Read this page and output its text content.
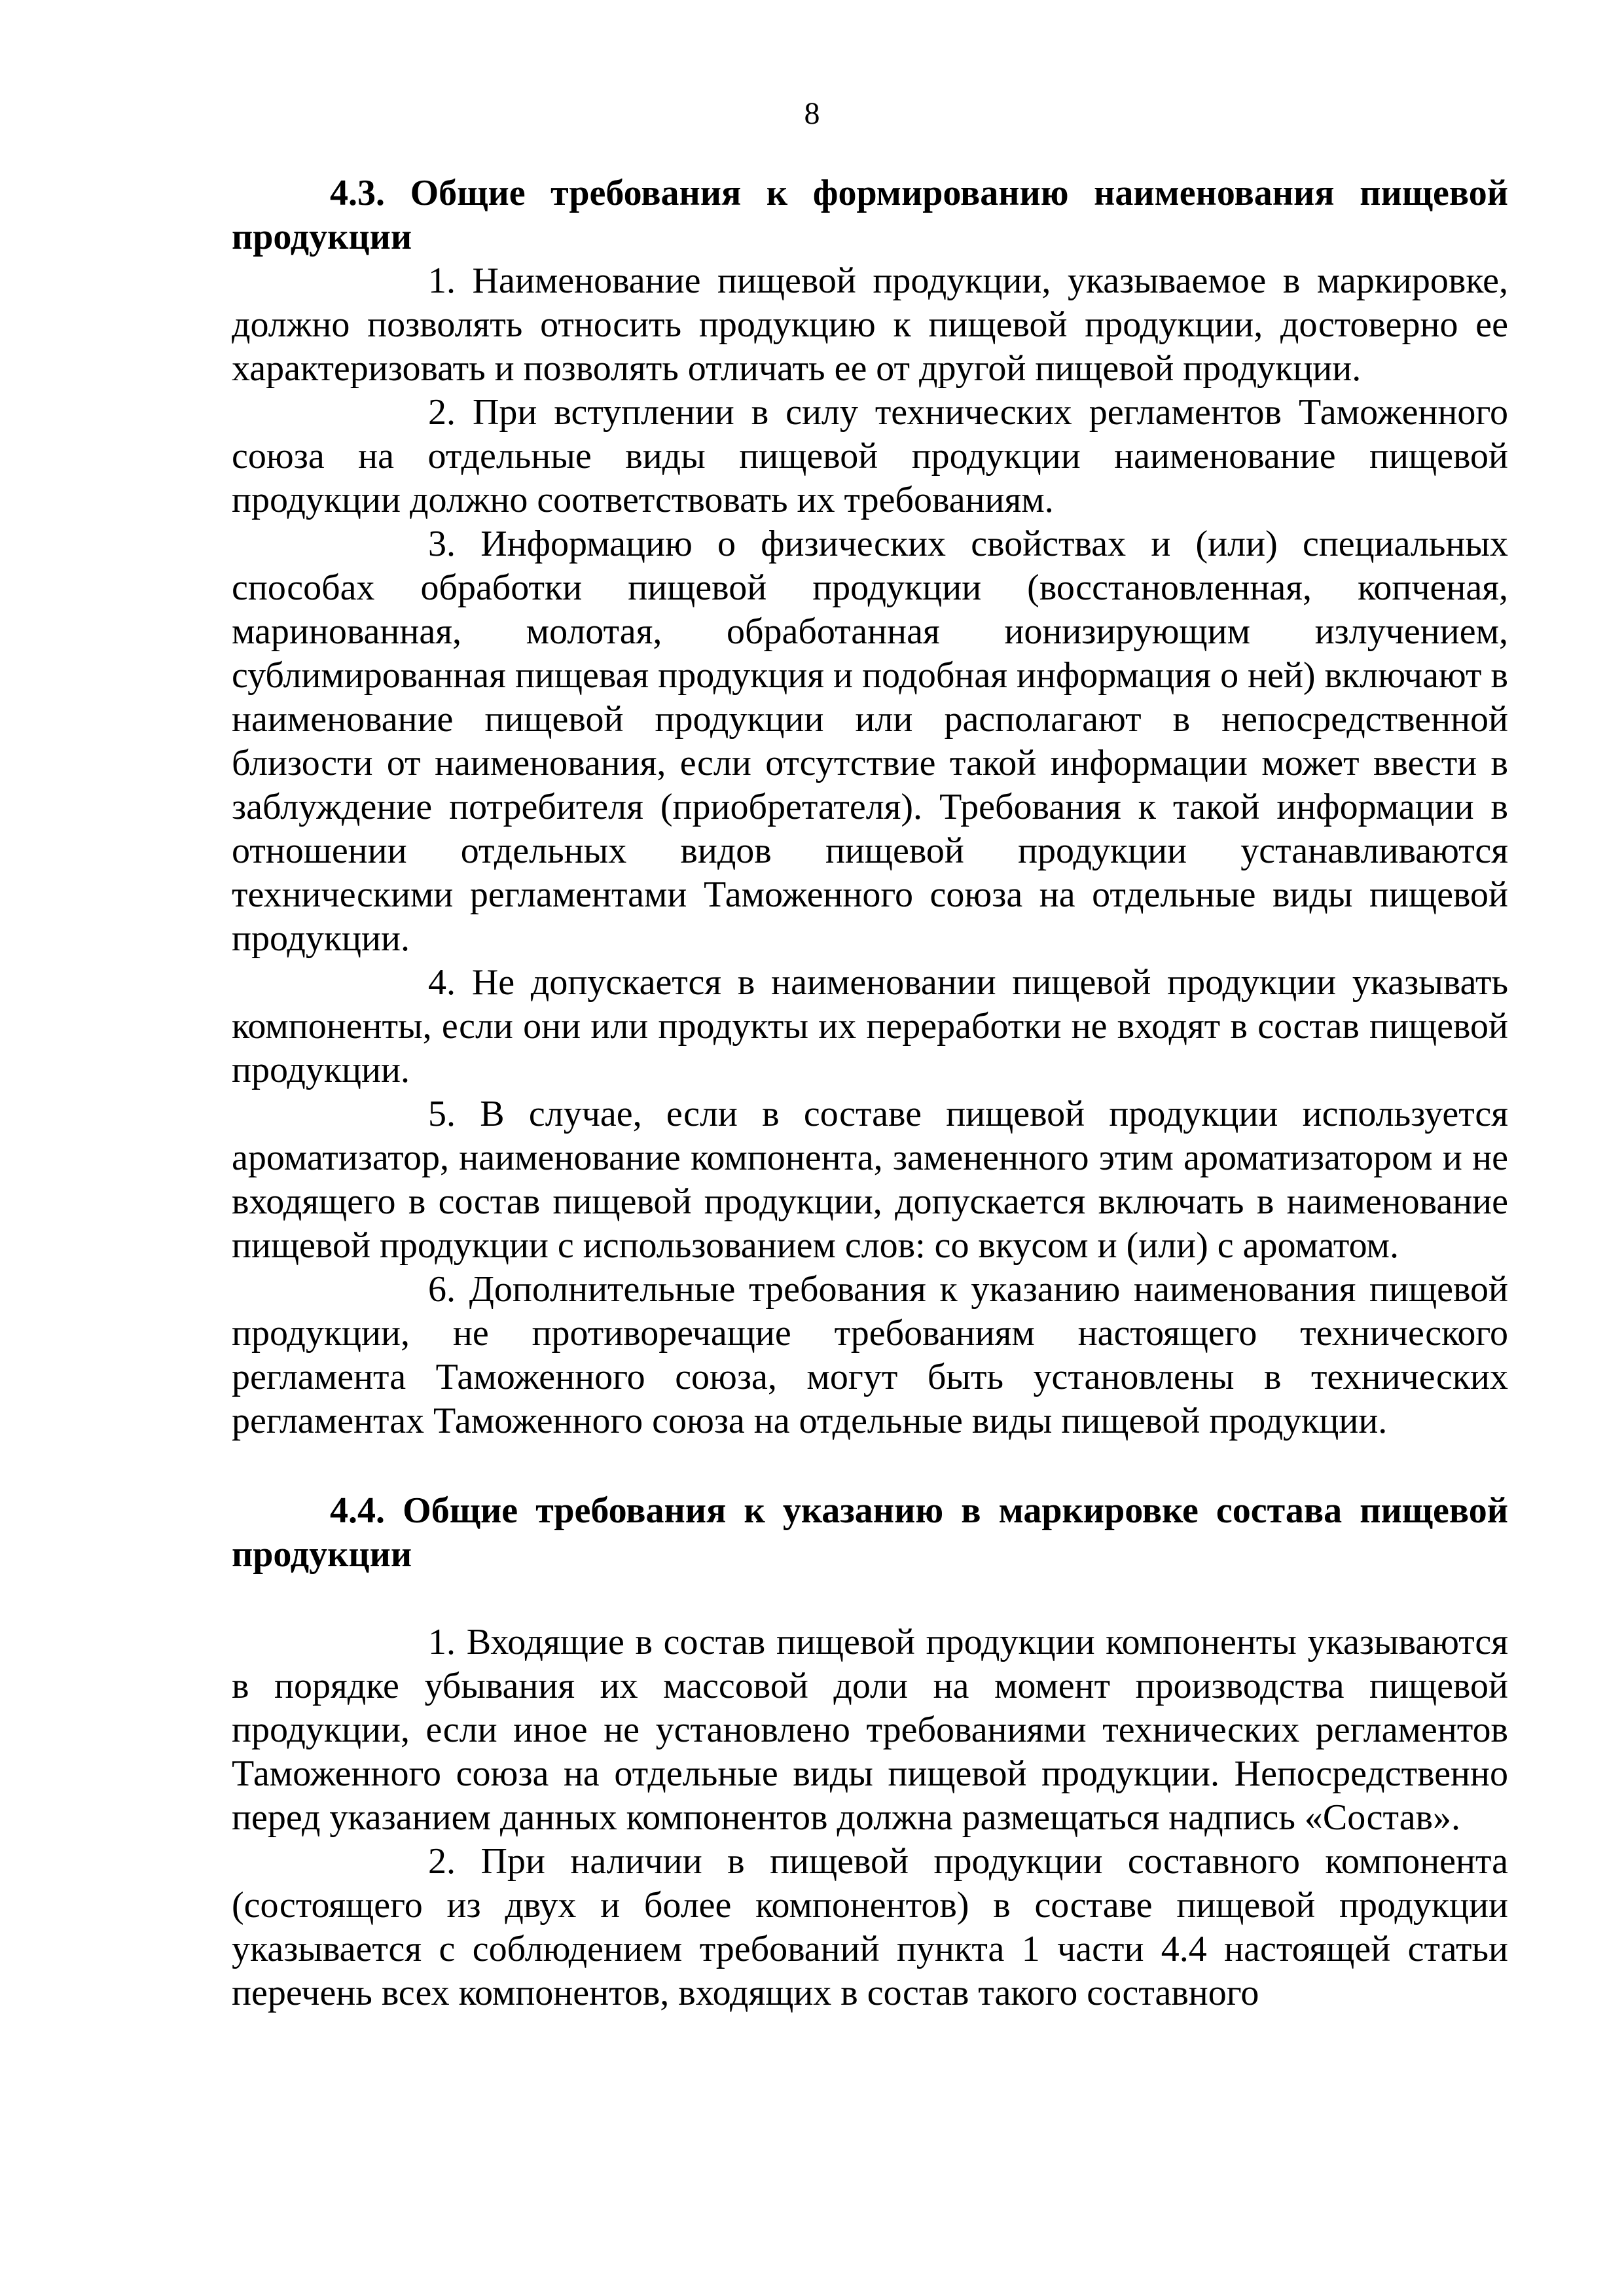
8

4.3. Общие требования к формированию наименования пищевой продукции

1. Наименование пищевой продукции, указываемое в маркировке, должно позволять относить продукцию к пищевой продукции, достоверно ее характеризовать и позволять отличать ее от другой пищевой продукции.

2. При вступлении в силу технических регламентов Таможенного союза на отдельные виды пищевой продукции наименование пищевой продукции должно соответствовать их требованиям.

3. Информацию о физических свойствах и (или) специальных способах обработки пищевой продукции (восстановленная, копченая, маринованная, молотая, обработанная ионизирующим излучением, сублимированная пищевая продукция и подобная информация о ней) включают в наименование пищевой продукции или располагают в непосредственной близости от наименования, если отсутствие такой информации может ввести в заблуждение потребителя (приобретателя). Требования к такой информации в отношении отдельных видов пищевой продукции устанавливаются техническими регламентами Таможенного союза на отдельные виды пищевой продукции.

4. Не допускается в наименовании пищевой продукции указывать компоненты, если они или продукты их переработки не входят в состав пищевой продукции.

5. В случае, если в составе пищевой продукции используется ароматизатор, наименование компонента, замененного этим ароматизатором и не входящего в состав пищевой продукции, допускается включать в наименование пищевой продукции с использованием слов: со вкусом и (или) с ароматом.

6. Дополнительные требования к указанию наименования пищевой продукции, не противоречащие требованиям настоящего технического регламента Таможенного союза, могут быть установлены в технических регламентах Таможенного союза на отдельные виды пищевой продукции.

4.4. Общие требования к указанию в маркировке состава пищевой продукции

1. Входящие в состав пищевой продукции компоненты указываются в порядке убывания их массовой доли на момент производства пищевой продукции, если иное не установлено требованиями технических регламентов Таможенного союза на отдельные виды пищевой продукции. Непосредственно перед указанием данных компонентов должна размещаться надпись «Состав».

2. При наличии в пищевой продукции составного компонента (состоящего из двух и более компонентов) в составе пищевой продукции указывается с соблюдением требований пункта 1 части 4.4 настоящей статьи перечень всех компонентов, входящих в состав такого составного
